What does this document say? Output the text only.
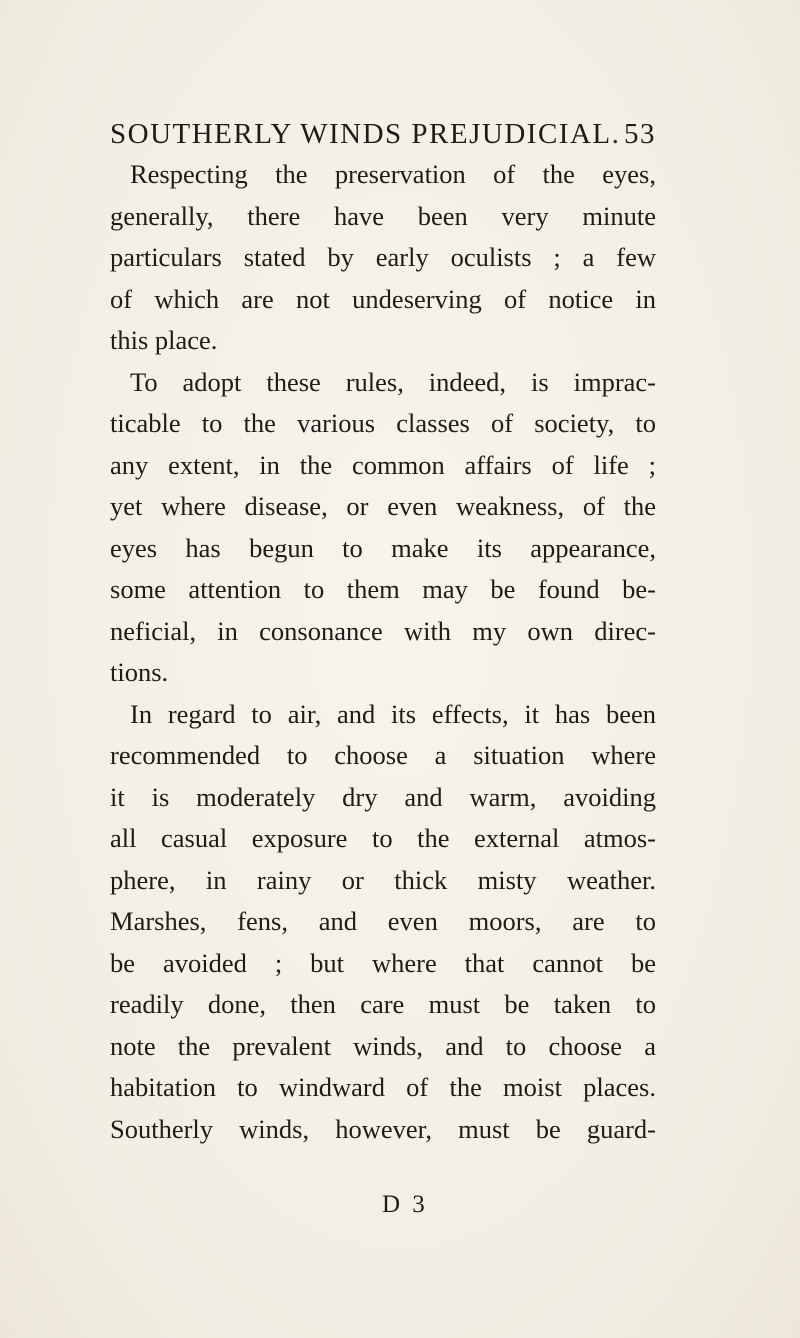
SOUTHERLY WINDS PREJUDICIAL. 53
Respecting the preservation of the eyes,
generally, there have been very minute
particulars stated by early oculists ; a few
of which are not undeserving of notice in
this place.
To adopt these rules, indeed, is imprac-
ticable to the various classes of society, to
any extent, in the common affairs of life ;
yet where disease, or even weakness, of the
eyes has begun to make its appearance,
some attention to them may be found be-
neficial, in consonance with my own direc-
tions.
In regard to air, and its effects, it has been
recommended to choose a situation where
it is moderately dry and warm, avoiding
all casual exposure to the external atmos-
phere, in rainy or thick misty weather.
Marshes, fens, and even moors, are to
be avoided ; but where that cannot be
readily done, then care must be taken to
note the prevalent winds, and to choose a
habitation to windward of the moist places.
Southerly winds, however, must be guard-
D 3
